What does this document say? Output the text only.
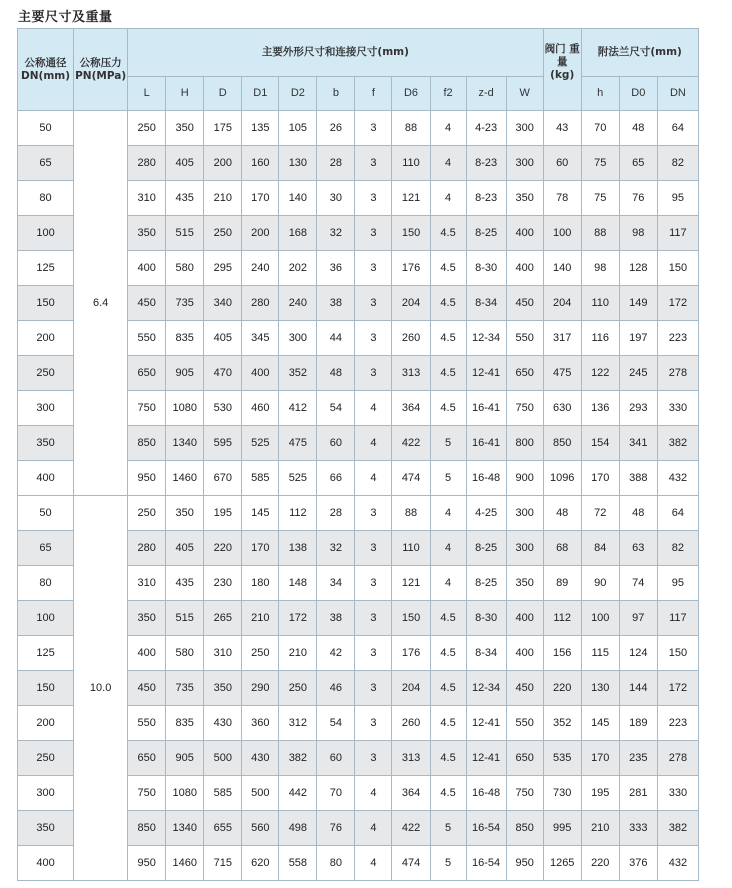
主要尺寸及重量
公称通径 DN(mm)	公称压力 PN(MPa)	主要外形尺寸和连接尺寸(mm)											阀门 重量 (kg)	附法兰尺寸(mm)		
		L	H	D	D1	D2	b	f	D6	f2	z-d	W		h	D0	DN
50	6.4	250	350	175	135	105	26	3	88	4	4-23	300	43	70	48	64
65		280	405	200	160	130	28	3	110	4	8-23	300	60	75	65	82
80		310	435	210	170	140	30	3	121	4	8-23	350	78	75	76	95
100		350	515	250	200	168	32	3	150	4.5	8-25	400	100	88	98	117
125		400	580	295	240	202	36	3	176	4.5	8-30	400	140	98	128	150
150		450	735	340	280	240	38	3	204	4.5	8-34	450	204	110	149	172
200		550	835	405	345	300	44	3	260	4.5	12-34	550	317	116	197	223
250		650	905	470	400	352	48	3	313	4.5	12-41	650	475	122	245	278
300		750	1080	530	460	412	54	4	364	4.5	16-41	750	630	136	293	330
350		850	1340	595	525	475	60	4	422	5	16-41	800	850	154	341	382
400		950	1460	670	585	525	66	4	474	5	16-48	900	1096	170	388	432
50	10.0	250	350	195	145	112	28	3	88	4	4-25	300	48	72	48	64
65		280	405	220	170	138	32	3	110	4	8-25	300	68	84	63	82
80		310	435	230	180	148	34	3	121	4	8-25	350	89	90	74	95
100		350	515	265	210	172	38	3	150	4.5	8-30	400	112	100	97	117
125		400	580	310	250	210	42	3	176	4.5	8-34	400	156	115	124	150
150		450	735	350	290	250	46	3	204	4.5	12-34	450	220	130	144	172
200		550	835	430	360	312	54	3	260	4.5	12-41	550	352	145	189	223
250		650	905	500	430	382	60	3	313	4.5	12-41	650	535	170	235	278
300		750	1080	585	500	442	70	4	364	4.5	16-48	750	730	195	281	330
350		850	1340	655	560	498	76	4	422	5	16-54	850	995	210	333	382
400		950	1460	715	620	558	80	4	474	5	16-54	950	1265	220	376	432
